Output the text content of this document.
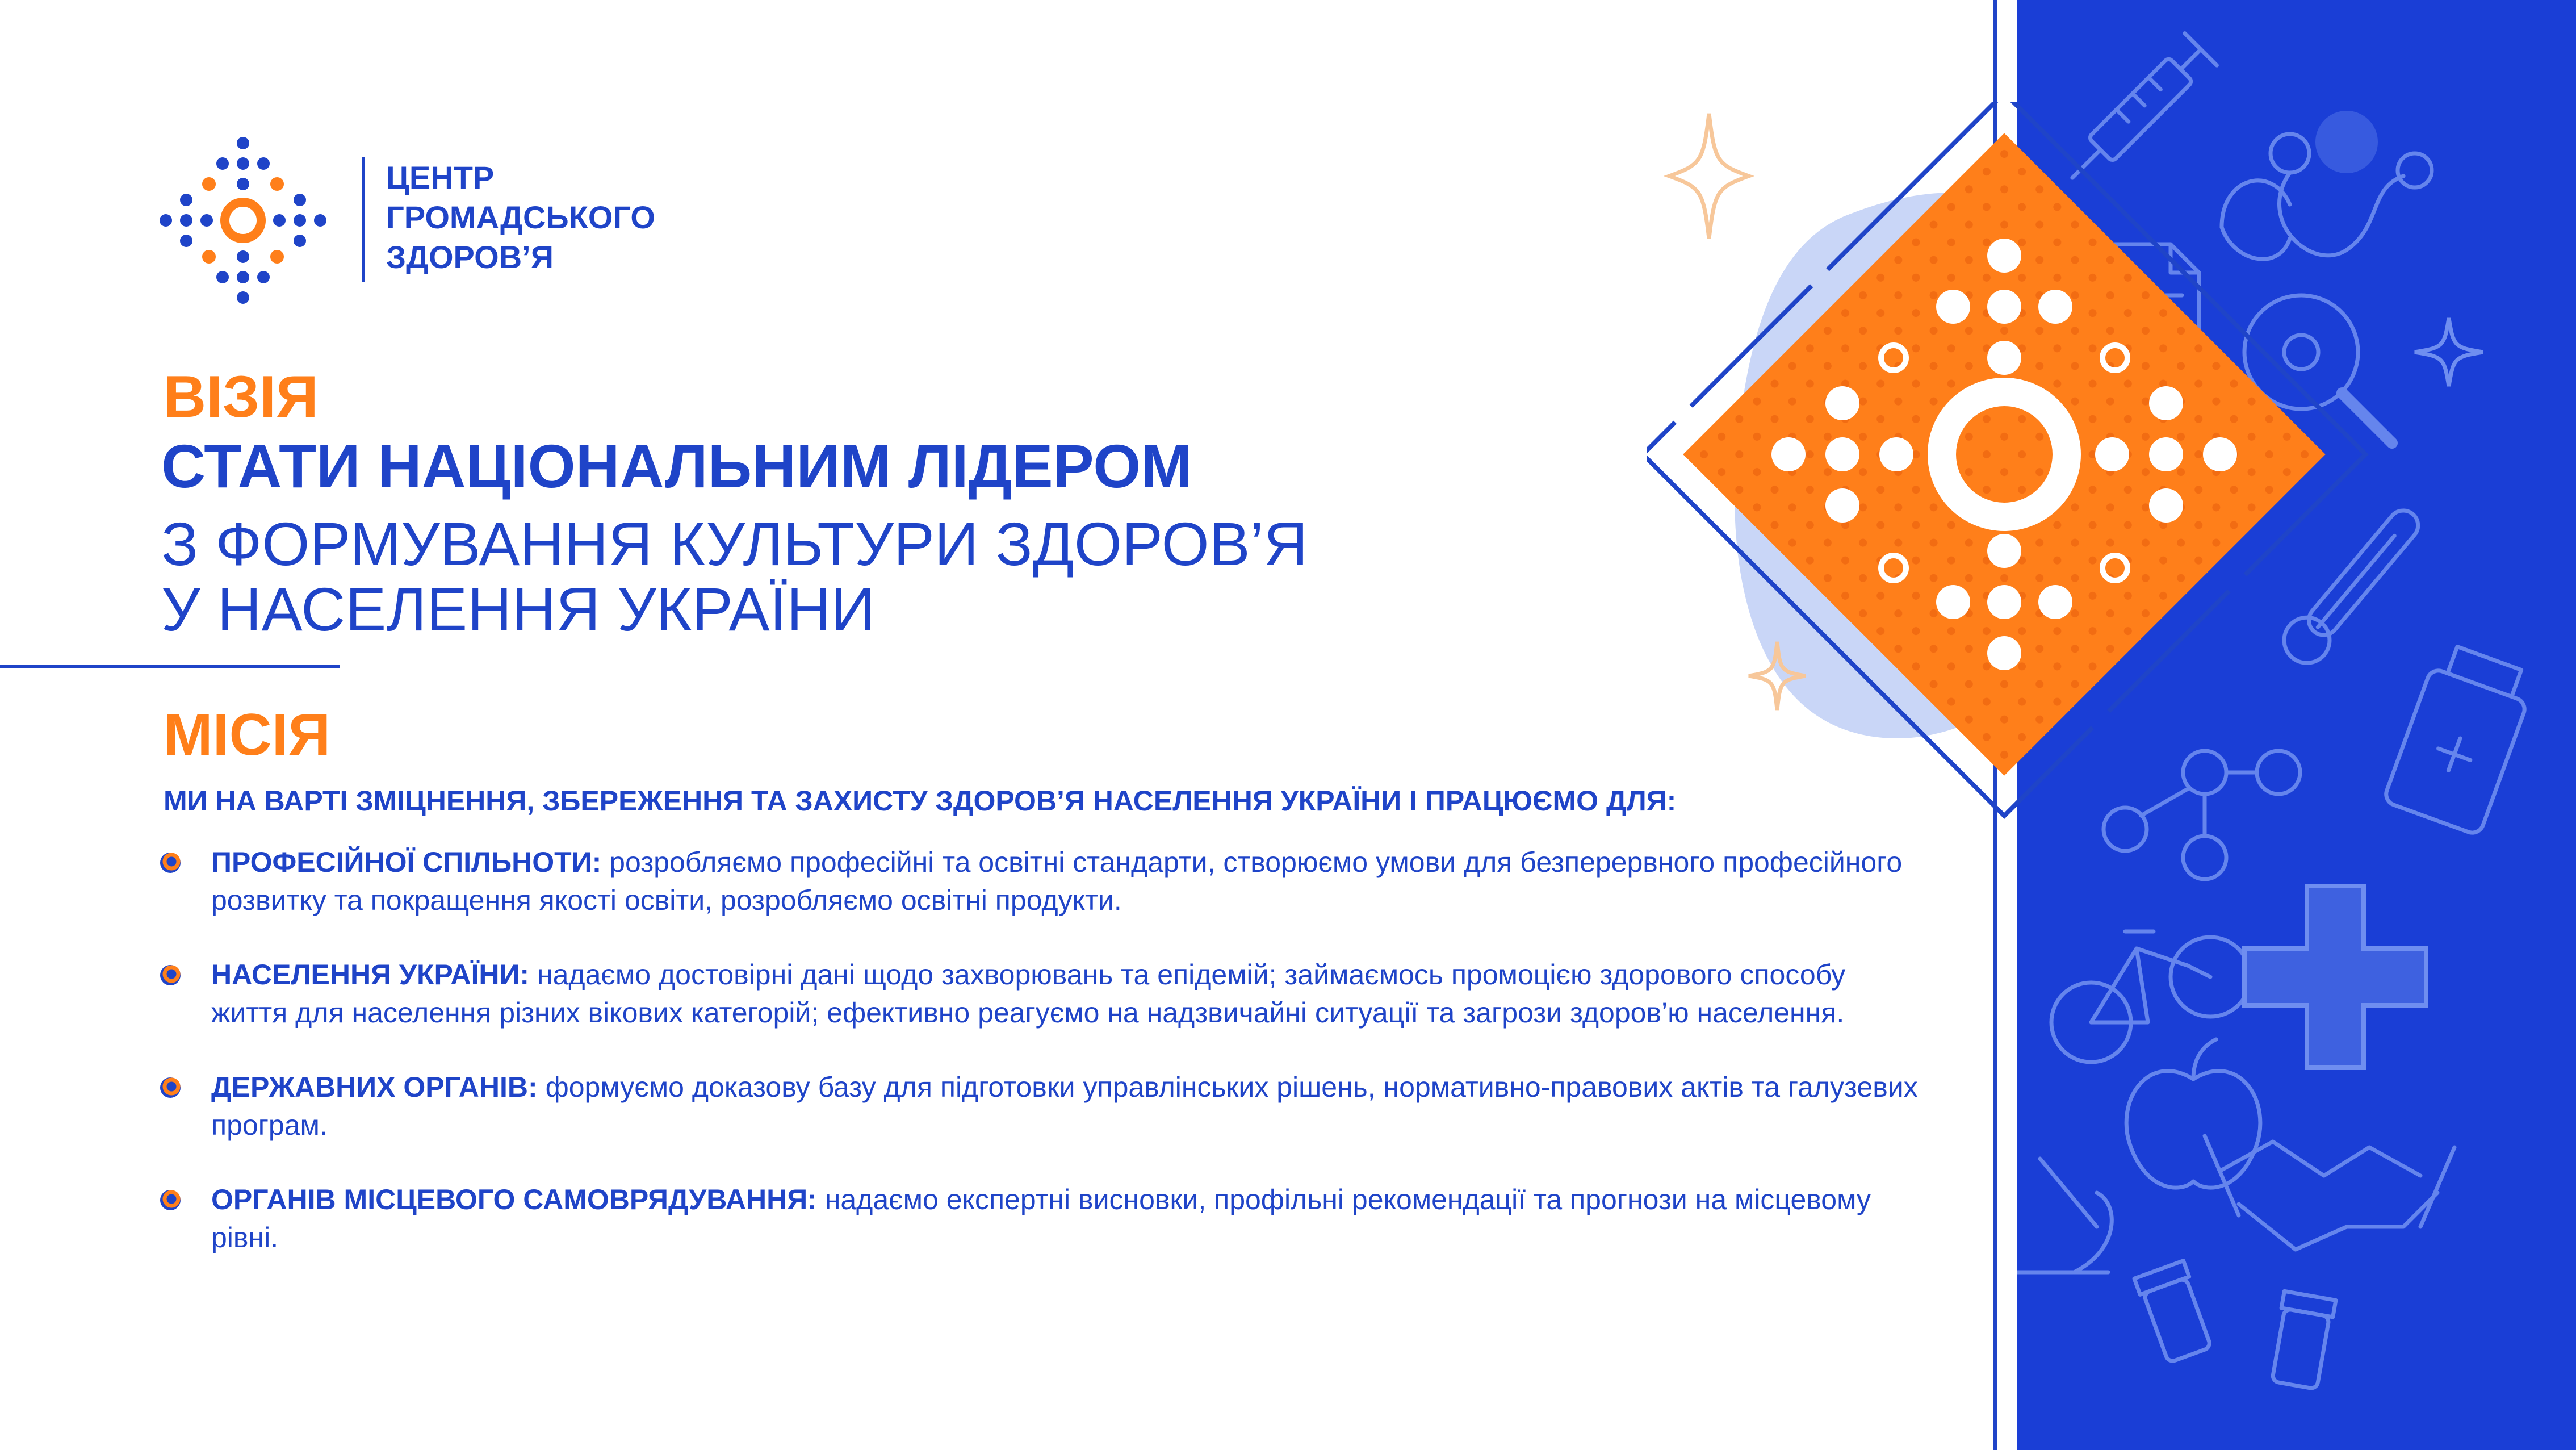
ЦЕНТР
ГРОМАДСЬКОГО
ЗДОРОВ’Я
ВІЗІЯ
СТАТИ НАЦІОНАЛЬНИМ ЛІДЕРОМ
З ФОРМУВАННЯ КУЛЬТУРИ ЗДОРОВ’Я
У НАСЕЛЕННЯ УКРАЇНИ
МІСІЯ
МИ НА ВАРТІ ЗМІЦНЕННЯ, ЗБЕРЕЖЕННЯ ТА ЗАХИСТУ ЗДОРОВ’Я НАСЕЛЕННЯ УКРАЇНИ І ПРАЦЮЄМО ДЛЯ:
ПРОФЕСІЙНОЇ СПІЛЬНОТИ: розробляємо професійні та освітні стандарти, створюємо умови для безперервного професійного розвитку та покращення якості освіти, розробляємо освітні продукти.
НАСЕЛЕННЯ УКРАЇНИ: надаємо достовірні дані щодо захворювань та епідемій; займаємось промоцією здорового способу життя для населення різних вікових категорій; ефективно реагуємо на надзвичайні ситуації та загрози здоров’ю населення.
ДЕРЖАВНИХ ОРГАНІВ: формуємо доказову базу для підготовки управлінських рішень, нормативно-правових актів та галузевих програм.
ОРГАНІВ МІСЦЕВОГО САМОВРЯДУВАННЯ: надаємо експертні висновки, профільні рекомендації та прогнози на місцевому рівні.
